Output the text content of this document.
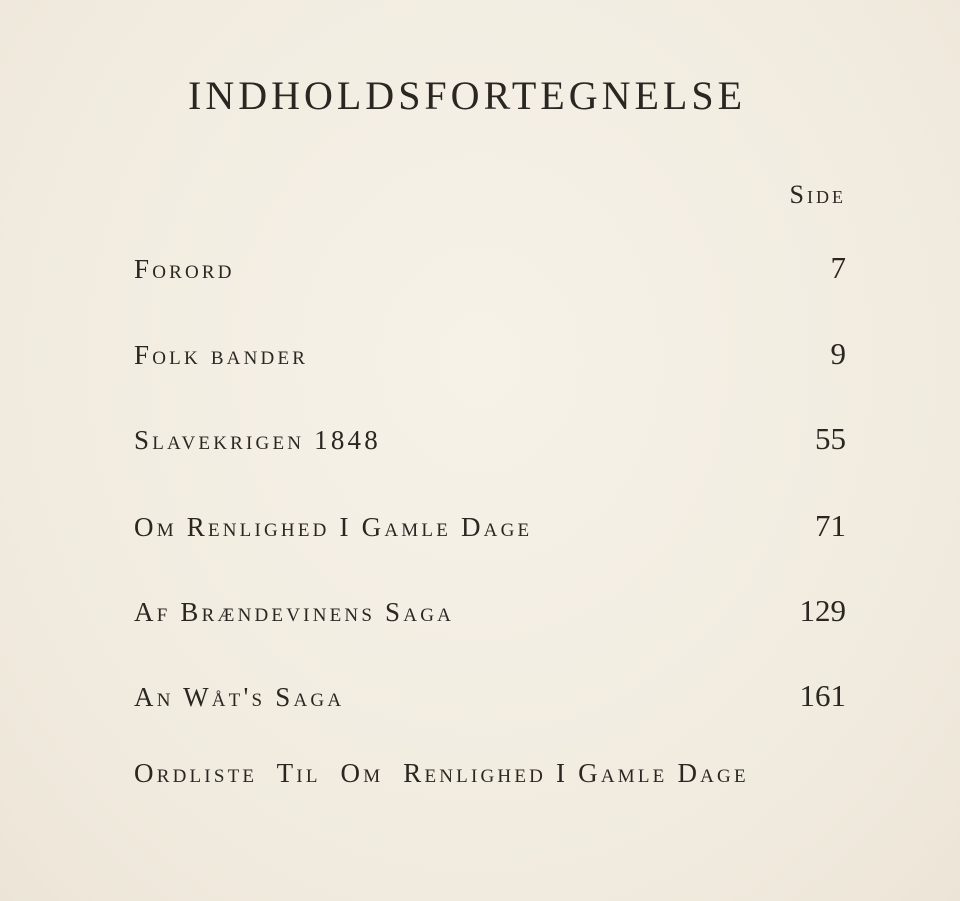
INDHOLDSFORTEGNELSE
Side
Forord	7
Folk bander	9
Slavekrigen 1848	55
Om Renlighed I Gamle Dage	71
Af Brændevinens Saga	129
An Wåt's Saga	161
Ordliste  Til  Om  Renlighed I Gamle Dage
